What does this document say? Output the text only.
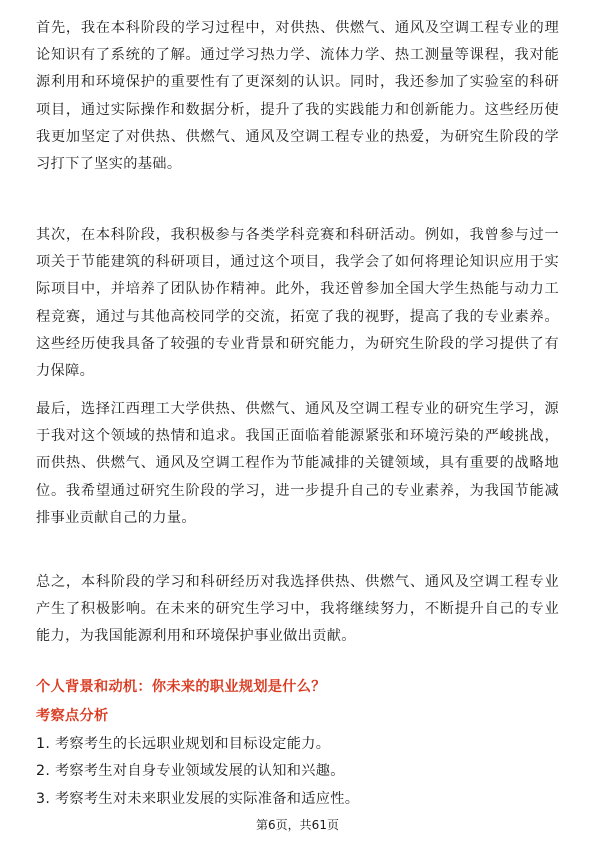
首先，我在本科阶段的学习过程中，对供热、供燃气、通风及空调工程专业的理论知识有了系统的了解。通过学习热力学、流体力学、热工测量等课程，我对能源利用和环境保护的重要性有了更深刻的认识。同时，我还参加了实验室的科研项目，通过实际操作和数据分析，提升了我的实践能力和创新能力。这些经历使我更加坚定了对供热、供燃气、通风及空调工程专业的热爱，为研究生阶段的学习打下了坚实的基础。

其次，在本科阶段，我积极参与各类学科竞赛和科研活动。例如，我曾参与过一项关于节能建筑的科研项目，通过这个项目，我学会了如何将理论知识应用于实际项目中，并培养了团队协作精神。此外，我还曾参加全国大学生热能与动力工程竞赛，通过与其他高校同学的交流，拓宽了我的视野，提高了我的专业素养。这些经历使我具备了较强的专业背景和研究能力，为研究生阶段的学习提供了有力保障。

最后，选择江西理工大学供热、供燃气、通风及空调工程专业的研究生学习，源于我对这个领域的热情和追求。我国正面临着能源紧张和环境污染的严峻挑战，而供热、供燃气、通风及空调工程作为节能减排的关键领域，具有重要的战略地位。我希望通过研究生阶段的学习，进一步提升自己的专业素养，为我国节能减排事业贡献自己的力量。

总之，本科阶段的学习和科研经历对我选择供热、供燃气、通风及空调工程专业产生了积极影响。在未来的研究生学习中，我将继续努力，不断提升自己的专业能力，为我国能源利用和环境保护事业做出贡献。

个人背景和动机：你未来的职业规划是什么？

考察点分析

1. 考察考生的长远职业规划和目标设定能力。
2. 考察考生对自身专业领域发展的认知和兴趣。
3. 考察考生对未来职业发展的实际准备和适应性。
第6页，共61页
